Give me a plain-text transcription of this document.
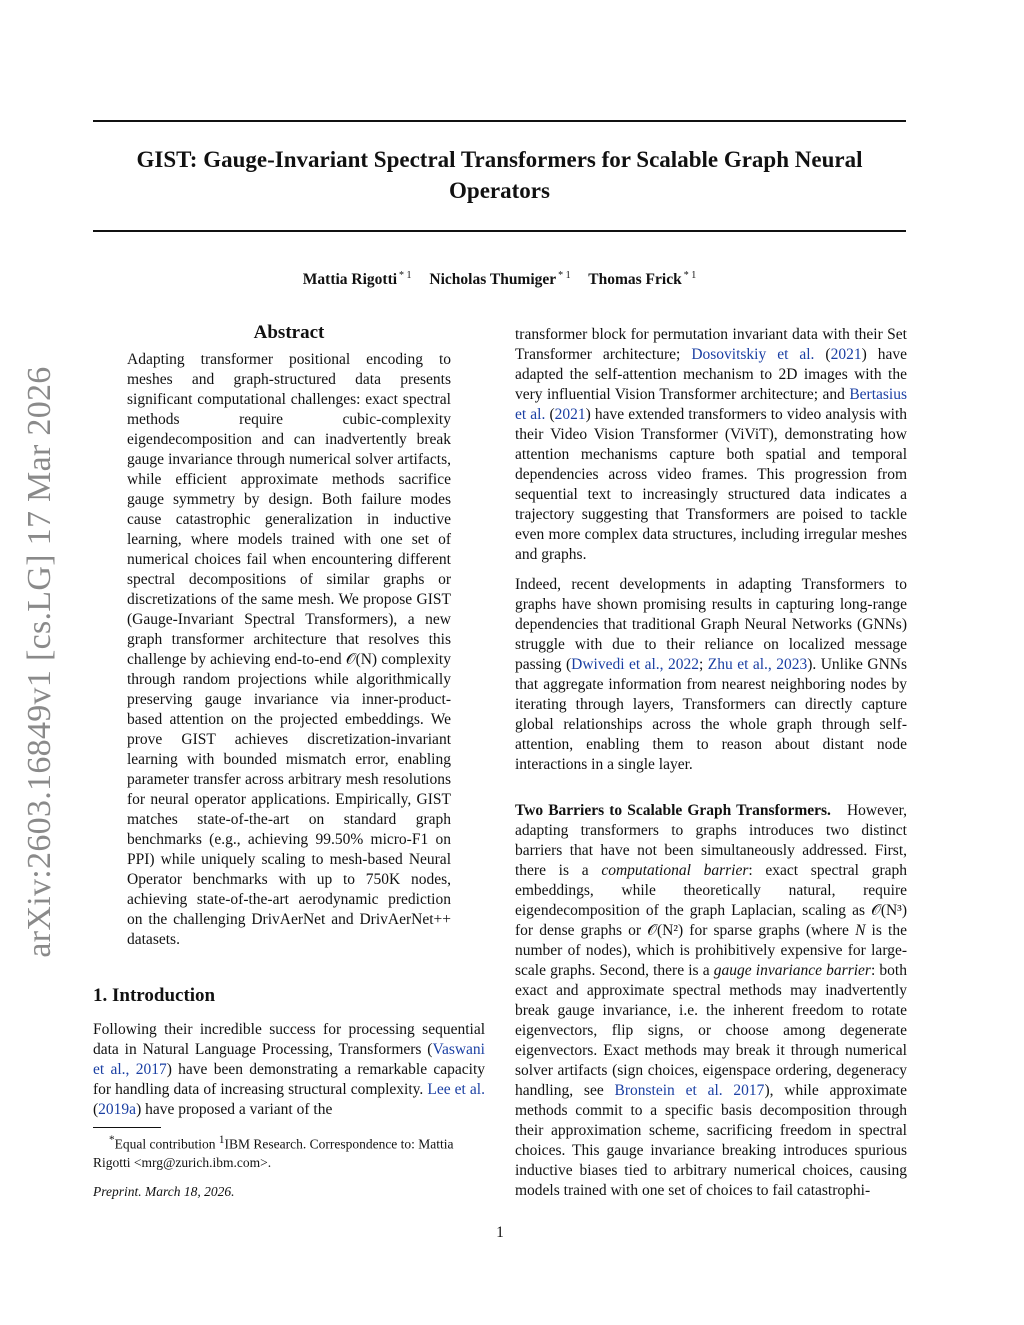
arXiv:2603.16849v1 [cs.LG] 17 Mar 2026
GIST: Gauge-Invariant Spectral Transformers for Scalable Graph Neural Operators
Mattia Rigotti $^{* 1}$ Nicholas Thumiger $^{* 1}$ Thomas Frick $^{* 1}$
Abstract
Adapting transformer positional encoding to meshes and graph-structured data presents significant computational challenges: exact spectral methods require cubic-complexity eigendecomposition and can inadvertently break gauge invariance through numerical solver artifacts, while efficient approximate methods sacrifice gauge symmetry by design. Both failure modes cause catastrophic generalization in inductive learning, where models trained with one set of numerical choices fail when encountering different spectral decompositions of similar graphs or discretizations of the same mesh. We propose GIST (Gauge-Invariant Spectral Transformers), a new graph transformer architecture that resolves this challenge by achieving end-to-end 𝒪(N) complexity through random projections while algorithmically preserving gauge invariance via inner-product-based attention on the projected embeddings. We prove GIST achieves discretization-invariant learning with bounded mismatch error, enabling parameter transfer across arbitrary mesh resolutions for neural operator applications. Empirically, GIST matches state-of-the-art on standard graph benchmarks (e.g., achieving 99.50% micro-F1 on PPI) while uniquely scaling to mesh-based Neural Operator benchmarks with up to 750K nodes, achieving state-of-the-art aerodynamic prediction on the challenging DrivAerNet and DrivAerNet++ datasets.
1. Introduction
Following their incredible success for processing sequential data in Natural Language Processing, Transformers (Vaswani et al., 2017) have been demonstrating a remarkable capacity for handling data of increasing structural complexity. Lee et al. (2019a) have proposed a variant of the
*Equal contribution $^1$IBM Research. Correspondence to: Mattia Rigotti <mrg@zurich.ibm.com>.
Preprint. March 18, 2026.
transformer block for permutation invariant data with their Set Transformer architecture; Dosovitskiy et al. (2021) have adapted the self-attention mechanism to 2D images with the very influential Vision Transformer architecture; and Bertasius et al. (2021) have extended transformers to video analysis with their Video Vision Transformer (ViViT), demonstrating how attention mechanisms capture both spatial and temporal dependencies across video frames. This progression from sequential text to increasingly structured data indicates a trajectory suggesting that Transformers are poised to tackle even more complex data structures, including irregular meshes and graphs.
Indeed, recent developments in adapting Transformers to graphs have shown promising results in capturing long-range dependencies that traditional Graph Neural Networks (GNNs) struggle with due to their reliance on localized message passing (Dwivedi et al., 2022; Zhu et al., 2023). Unlike GNNs that aggregate information from nearest neighboring nodes by iterating through layers, Transformers can directly capture global relationships across the whole graph through self-attention, enabling them to reason about distant node interactions in a single layer.
Two Barriers to Scalable Graph Transformers. However, adapting transformers to graphs introduces two distinct barriers that have not been simultaneously addressed. First, there is a computational barrier: exact spectral graph embeddings, while theoretically natural, require eigendecomposition of the graph Laplacian, scaling as 𝒪(N³) for dense graphs or 𝒪(N²) for sparse graphs (where N is the number of nodes), which is prohibitively expensive for large-scale graphs. Second, there is a gauge invariance barrier: both exact and approximate spectral methods may inadvertently break gauge invariance, i.e. the inherent freedom to rotate eigenvectors, flip signs, or choose among degenerate eigenvectors. Exact methods may break it through numerical solver artifacts (sign choices, eigenspace ordering, degeneracy handling, see Bronstein et al. 2017), while approximate methods commit to a specific basis decomposition through their approximation scheme, sacrificing freedom in spectral choices. This gauge invariance breaking introduces spurious inductive biases tied to arbitrary numerical choices, causing models trained with one set of choices to fail catastrophi-
1
